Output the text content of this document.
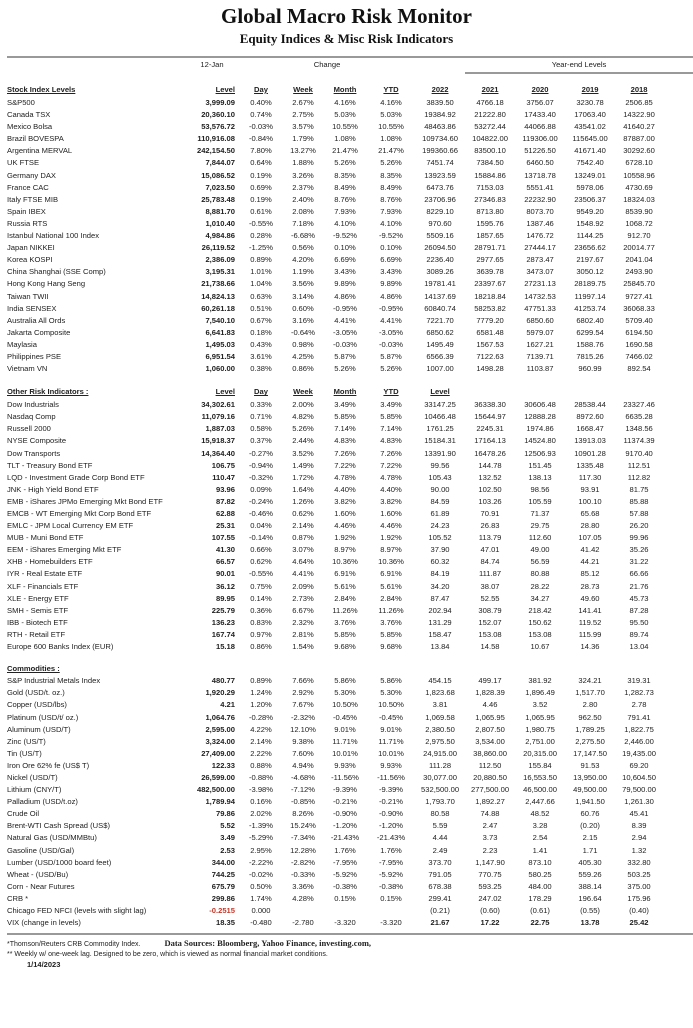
Global Macro Risk Monitor
Equity Indices & Misc Risk Indicators
	12-Jan	Change					Year-end Levels			

Stock Index Levels	Level	Day	Week	Month	YTD	2022	2021	2020	2019	2018
S&P500	3,999.09	0.40%	2.67%	4.16%	4.16%	3839.50	4766.18	3756.07	3230.78	2506.85
Canada TSX	20,360.10	0.74%	2.75%	5.03%	5.03%	19384.92	21222.80	17433.40	17063.40	14322.90
Mexico Bolsa	53,576.72	-0.03%	3.57%	10.55%	10.55%	48463.86	53272.44	44066.88	43541.02	41640.27
Brazil BOVESPA	110,916.08	-0.84%	1.79%	1.08%	1.08%	109734.60	104822.00	119306.00	115645.00	87887.00
Argentina MERVAL	242,154.50	7.80%	13.27%	21.47%	21.47%	199360.66	83500.10	51226.50	41671.40	30292.60
UK FTSE	7,844.07	0.64%	1.88%	5.26%	5.26%	7451.74	7384.50	6460.50	7542.40	6728.10
Germany DAX	15,086.52	0.19%	3.26%	8.35%	8.35%	13923.59	15884.86	13718.78	13249.01	10558.96
France CAC	7,023.50	0.69%	2.37%	8.49%	8.49%	6473.76	7153.03	5551.41	5978.06	4730.69
Italy FTSE MIB	25,783.48	0.19%	2.40%	8.76%	8.76%	23706.96	27346.83	22232.90	23506.37	18324.03
Spain IBEX	8,881.70	0.61%	2.08%	7.93%	7.93%	8229.10	8713.80	8073.70	9549.20	8539.90
Russia RTS	1,010.40	-0.55%	7.18%	4.10%	4.10%	970.60	1595.76	1387.46	1548.92	1068.72
Istanbul National 100 Index	4,984.86	0.28%	-6.68%	-9.52%	-9.52%	5509.16	1857.65	1476.72	1144.25	912.70
Japan NIKKEI	26,119.52	-1.25%	0.56%	0.10%	0.10%	26094.50	28791.71	27444.17	23656.62	20014.77
Korea KOSPI	2,386.09	0.89%	4.20%	6.69%	6.69%	2236.40	2977.65	2873.47	2197.67	2041.04
China Shanghai (SSE Comp)	3,195.31	1.01%	1.19%	3.43%	3.43%	3089.26	3639.78	3473.07	3050.12	2493.90
Hong Kong Hang Seng	21,738.66	1.04%	3.56%	9.89%	9.89%	19781.41	23397.67	27231.13	28189.75	25845.70
Taiwan TWII	14,824.13	0.63%	3.14%	4.86%	4.86%	14137.69	18218.84	14732.53	11997.14	9727.41
India SENSEX	60,261.18	0.51%	0.60%	-0.95%	-0.95%	60840.74	58253.82	47751.33	41253.74	36068.33
Australia All Ords	7,540.10	0.67%	3.16%	4.41%	4.41%	7221.70	7779.20	6850.60	6802.40	5709.40
Jakarta Composite	6,641.83	0.18%	-0.64%	-3.05%	-3.05%	6850.62	6581.48	5979.07	6299.54	6194.50
Maylasia	1,495.03	0.43%	0.98%	-0.03%	-0.03%	1495.49	1567.53	1627.21	1588.76	1690.58
Philippines PSE	6,951.54	3.61%	4.25%	5.87%	5.87%	6566.39	7122.63	7139.71	7815.26	7466.02
Vietnam VN	1,060.00	0.38%	0.86%	5.26%	5.26%	1007.00	1498.28	1103.87	960.99	892.54

Other Risk Indicators :	Level	Day	Week	Month	YTD	Level				
Dow Industrials	34,302.61	0.33%	2.00%	3.49%	3.49%	33147.25	36338.30	30606.48	28538.44	23327.46
Nasdaq Comp	11,079.16	0.71%	4.82%	5.85%	5.85%	10466.48	15644.97	12888.28	8972.60	6635.28
Russell 2000	1,887.03	0.58%	5.26%	7.14%	7.14%	1761.25	2245.31	1974.86	1668.47	1348.56
NYSE Composite	15,918.37	0.37%	2.44%	4.83%	4.83%	15184.31	17164.13	14524.80	13913.03	11374.39
Dow Transports	14,364.40	-0.27%	3.52%	7.26%	7.26%	13391.90	16478.26	12506.93	10901.28	9170.40
TLT - Treasury Bond ETF	106.75	-0.94%	1.49%	7.22%	7.22%	99.56	144.78	151.45	1335.48	112.51
LQD - Investment Grade Corp Bond ETF	110.47	-0.32%	1.72%	4.78%	4.78%	105.43	132.52	138.13	117.30	112.82
JNK - High Yield Bond ETF	93.96	0.09%	1.64%	4.40%	4.40%	90.00	102.50	98.56	93.91	81.75
EMB - iShares JPMo Emerging Mkt Bond ETF	87.82	-0.24%	1.26%	3.82%	3.82%	84.59	103.26	105.59	100.10	85.88
EMCB - WT Emerging Mkt Corp Bond ETF	62.88	-0.46%	0.62%	1.60%	1.60%	61.89	70.91	71.37	65.68	57.88
EMLC - JPM Local Currency EM ETF	25.31	0.04%	2.14%	4.46%	4.46%	24.23	26.83	29.75	28.80	26.20
MUB - Muni Bond ETF	107.55	-0.14%	0.87%	1.92%	1.92%	105.52	113.79	112.60	107.05	99.96
EEM - iShares Emerging Mkt ETF	41.30	0.66%	3.07%	8.97%	8.97%	37.90	47.01	49.00	41.42	35.26
XHB - Homebuilders ETF	66.57	0.62%	4.64%	10.36%	10.36%	60.32	84.74	56.59	44.21	31.22
IYR - Real Estate ETF	90.01	-0.55%	4.41%	6.91%	6.91%	84.19	111.87	80.88	85.12	66.66
XLF - Financials ETF	36.12	0.75%	2.09%	5.61%	5.61%	34.20	38.07	28.22	28.73	21.76
XLE - Energy ETF	89.95	0.14%	2.73%	2.84%	2.84%	87.47	52.55	34.27	49.60	45.73
SMH - Semis ETF	225.79	0.36%	6.67%	11.26%	11.26%	202.94	308.79	218.42	141.41	87.28
IBB - Biotech ETF	136.23	0.83%	2.32%	3.76%	3.76%	131.29	152.07	150.62	119.52	95.50
RTH - Retail ETF	167.74	0.97%	2.81%	5.85%	5.85%	158.47	153.08	153.08	115.99	89.74
Europe 600 Banks Index (EUR)	15.18	0.86%	1.54%	9.68%	9.68%	13.84	14.58	10.67	14.36	13.04

Commodities :										
S&P Industrial Metals Index	480.77	0.89%	7.66%	5.86%	5.86%	454.15	499.17	381.92	324.21	319.31
Gold (USD/t. oz.)	1,920.29	1.24%	2.92%	5.30%	5.30%	1,823.68	1,828.39	1,896.49	1,517.70	1,282.73
Copper (USD/lbs)	4.21	1.20%	7.67%	10.50%	10.50%	3.81	4.46	3.52	2.80	2.78
Platinum (USD/t/ oz.)	1,064.76	-0.28%	-2.32%	-0.45%	-0.45%	1,069.58	1,065.95	1,065.95	962.50	791.41
Aluminum (USD/T)	2,595.00	4.22%	12.10%	9.01%	9.01%	2,380.50	2,807.50	1,980.75	1,789.25	1,822.75
Zinc (US/T)	3,324.00	2.14%	9.38%	11.71%	11.71%	2,975.50	3,534.00	2,751.00	2,275.50	2,446.00
Tin (US/T)	27,409.00	2.22%	7.60%	10.01%	10.01%	24,915.00	38,860.00	20,315.00	17,147.50	19,435.00
Iron Ore 62% fe (US$ T)	122.33	0.88%	4.94%	9.93%	9.93%	111.28	112.50	155.84	91.53	69.20
Nickel (USD/T)	26,599.00	-0.88%	-4.68%	-11.56%	-11.56%	30,077.00	20,880.50	16,553.50	13,950.00	10,604.50
Lithium (CNY/T)	482,500.00	-3.98%	-7.12%	-9.39%	-9.39%	532,500.00	277,500.00	46,500.00	49,500.00	79,500.00
Palladium (USD/t.oz)	1,789.94	0.16%	-0.85%	-0.21%	-0.21%	1,793.70	1,892.27	2,447.66	1,941.50	1,261.30
Crude Oil	79.86	2.02%	8.26%	-0.90%	-0.90%	80.58	74.88	48.52	60.76	45.41
Brent-WTI Cash Spread (US$)	5.52	-1.39%	15.24%	-1.20%	-1.20%	5.59	2.47	3.28	(0.20)	8.39
Natural Gas (USD/MMBtu)	3.49	-5.29%	-7.34%	-21.43%	-21.43%	4.44	3.73	2.54	2.15	2.94
Gasoline (USD/Gal)	2.53	2.95%	12.28%	1.76%	1.76%	2.49	2.23	1.41	1.71	1.32
Lumber (USD/1000 board feet)	344.00	-2.22%	-2.82%	-7.95%	-7.95%	373.70	1,147.90	873.10	405.30	332.80
Wheat - (USD/Bu)	744.25	-0.02%	-0.33%	-5.92%	-5.92%	791.05	770.75	580.25	559.26	503.25
Corn - Near Futures	675.79	0.50%	3.36%	-0.38%	-0.38%	678.38	593.25	484.00	388.14	375.00
CRB *	299.86	1.74%	4.28%	0.15%	0.15%	299.41	247.02	178.29	196.64	175.96
Chicago FED NFCI (levels with slight lag)	-0.2515	0.000				(0.21)	(0.60)	(0.61)	(0.55)	(0.40)
VIX (change in levels)	18.35	-0.480	-2.780	-3.320	-3.320	21.67	17.22	22.75	13.78	25.42
*Thomson/Reuters CRB Commodity Index.	Data Sources: Bloomberg, Yahoo Finance, investing.com,
** Weekly w/ one-week lag. Designed to be zero, which is viewed as normal financial market conditions.
1/14/2023
